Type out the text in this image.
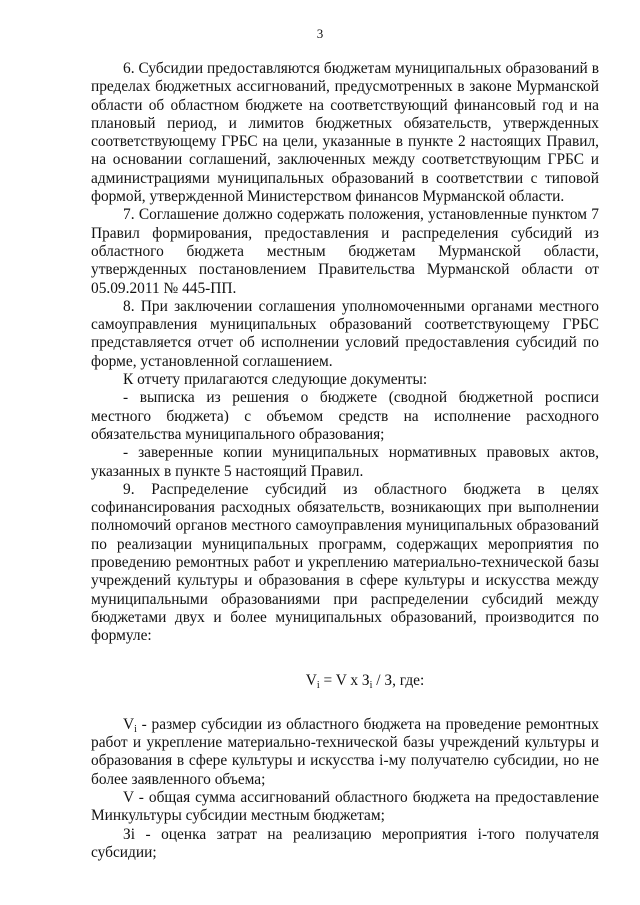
3

6. Субсидии предоставляются бюджетам муниципальных образований в пределах бюджетных ассигнований, предусмотренных в законе Мурманской области об областном бюджете на соответствующий финансовый год и на плановый период, и лимитов бюджетных обязательств, утвержденных соответствующему ГРБС на цели, указанные в пункте 2 настоящих Правил, на основании соглашений, заключенных между соответствующим ГРБС и администрациями муниципальных образований в соответствии с типовой формой, утвержденной Министерством финансов Мурманской области.

7. Соглашение должно содержать положения, установленные пунктом 7 Правил формирования, предоставления и распределения субсидий из областного бюджета местным бюджетам Мурманской области, утвержденных постановлением Правительства Мурманской области от 05.09.2011 № 445-ПП.

8. При заключении соглашения уполномоченными органами местного самоуправления муниципальных образований соответствующему ГРБС представляется отчет об исполнении условий предоставления субсидий по форме, установленной соглашением.

К отчету прилагаются следующие документы:

- выписка из решения о бюджете (сводной бюджетной росписи местного бюджета) с объемом средств на исполнение расходного обязательства муниципального образования;

- заверенные копии муниципальных нормативных правовых актов, указанных в пункте 5 настоящий Правил.

9. Распределение субсидий из областного бюджета в целях софинансирования расходных обязательств, возникающих при выполнении полномочий органов местного самоуправления муниципальных образований по реализации муниципальных программ, содержащих мероприятия по проведению ремонтных работ и укреплению материально-технической базы учреждений культуры и образования в сфере культуры и искусства между муниципальными образованиями при распределении субсидий между бюджетами двух и более муниципальных образований, производится по формуле:

$V_i = V$ x $З_i$ / З, где:

$V_i$ - размер субсидии из областного бюджета на проведение ремонтных работ и укрепление материально-технической базы учреждений культуры и образования в сфере культуры и искусства i-му получателю субсидии, но не более заявленного объема;

V - общая сумма ассигнований областного бюджета на предоставление Минкультуры субсидии местным бюджетам;

Зi - оценка затрат на реализацию мероприятия i-того получателя субсидии;
